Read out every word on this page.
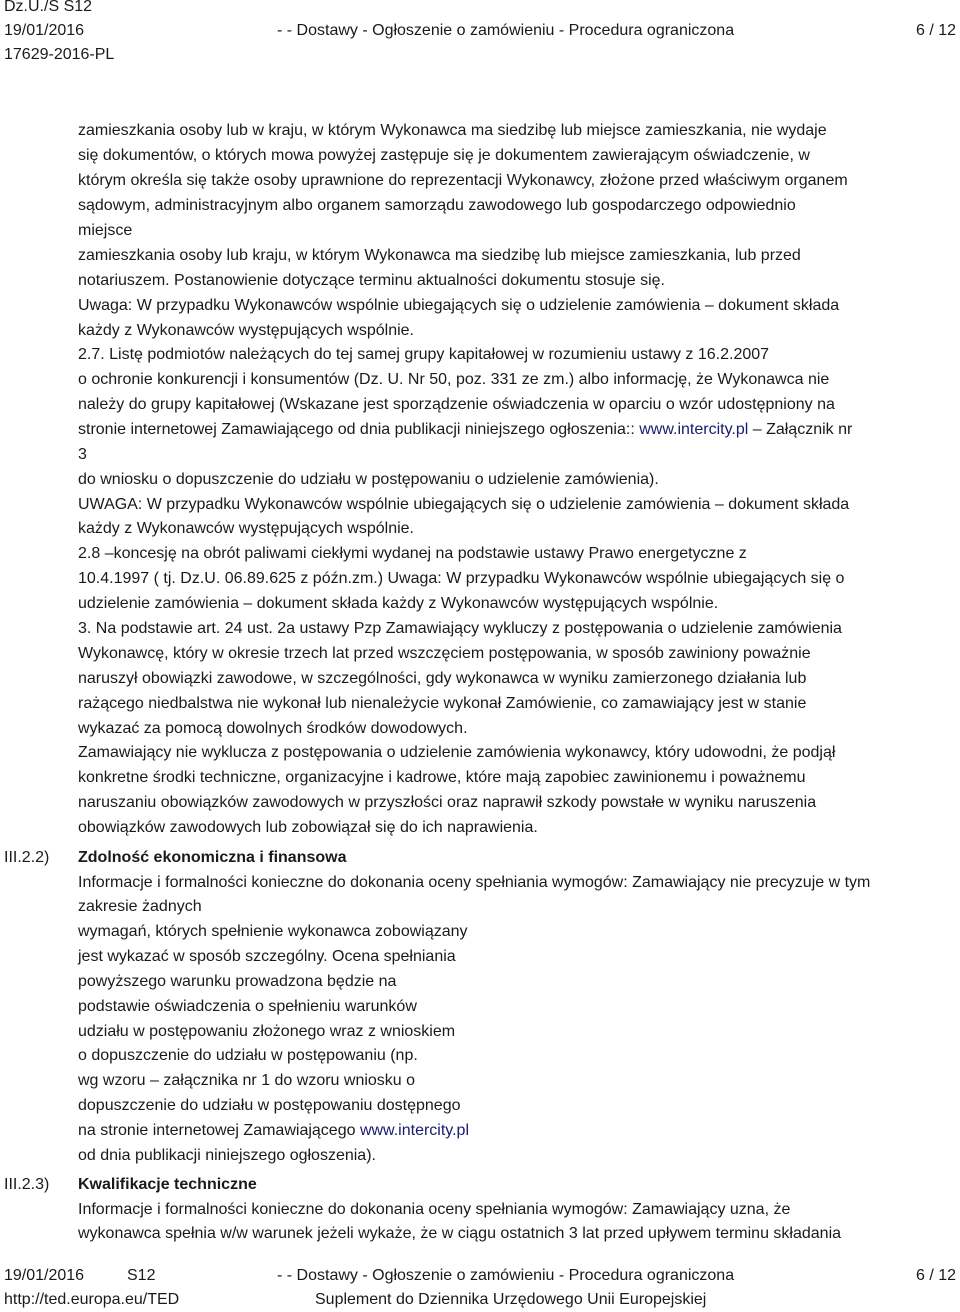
Dz.U./S S12
19/01/2016
17629-2016-PL
- - Dostawy - Ogłoszenie o zamówieniu - Procedura ograniczona	6 / 12
zamieszkania osoby lub w kraju, w którym Wykonawca ma siedzibę lub miejsce zamieszkania, nie wydaje
się dokumentów, o których mowa powyżej zastępuje się je dokumentem zawierającym oświadczenie, w
którym określa się także osoby uprawnione do reprezentacji Wykonawcy, złożone przed właściwym organem
sądowym, administracyjnym albo organem samorządu zawodowego lub gospodarczego odpowiednio
miejsce
zamieszkania osoby lub kraju, w którym Wykonawca ma siedzibę lub miejsce zamieszkania, lub przed
notariuszem. Postanowienie dotyczące terminu aktualności dokumentu stosuje się.
Uwaga: W przypadku Wykonawców wspólnie ubiegających się o udzielenie zamówienia – dokument składa
każdy z Wykonawców występujących wspólnie.
2.7. Listę podmiotów należących do tej samej grupy kapitałowej w rozumieniu ustawy z 16.2.2007
o ochronie konkurencji i konsumentów (Dz. U. Nr 50, poz. 331 ze zm.) albo informację, że Wykonawca nie
należy do grupy kapitałowej (Wskazane jest sporządzenie oświadczenia w oparciu o wzór udostępniony na
stronie internetowej Zamawiającego od dnia publikacji niniejszego ogłoszenia:: www.intercity.pl – Załącznik nr
3
do wniosku o dopuszczenie do udziału w postępowaniu o udzielenie zamówienia).
UWAGA: W przypadku Wykonawców wspólnie ubiegających się o udzielenie zamówienia – dokument składa
każdy z Wykonawców występujących wspólnie.
2.8 –koncesję na obrót paliwami ciekłymi wydanej na podstawie ustawy Prawo energetyczne z
10.4.1997 ( tj. Dz.U. 06.89.625 z późn.zm.) Uwaga: W przypadku Wykonawców wspólnie ubiegających się o
udzielenie zamówienia – dokument składa każdy z Wykonawców występujących wspólnie.
3. Na podstawie art. 24 ust. 2a ustawy Pzp Zamawiający wykluczy z postępowania o udzielenie zamówienia
Wykonawcę, który w okresie trzech lat przed wszczęciem postępowania, w sposób zawiniony poważnie
naruszył obowiązki zawodowe, w szczególności, gdy wykonawca w wyniku zamierzonego działania lub
rażącego niedbalstwa nie wykonał lub nienależycie wykonał Zamówienie, co zamawiający jest w stanie
wykazać za pomocą dowolnych środków dowodowych.
Zamawiający nie wyklucza z postępowania o udzielenie zamówienia wykonawcy, który udowodni, że podjął
konkretne środki techniczne, organizacyjne i kadrowe, które mają zapobiec zawinionemu i poważnemu
naruszaniu obowiązków zawodowych w przyszłości oraz naprawił szkody powstałe w wyniku naruszenia
obowiązków zawodowych lub zobowiązał się do ich naprawienia.
III.2.2) Zdolność ekonomiczna i finansowa
Informacje i formalności konieczne do dokonania oceny spełniania wymogów: Zamawiający nie precyzuje w tym
zakresie żadnych
wymagań, których spełnienie wykonawca zobowiązany
jest wykazać w sposób szczególny. Ocena spełniania
powyższego warunku prowadzona będzie na
podstawie oświadczenia o spełnieniu warunków
udziału w postępowaniu złożonego wraz z wnioskiem
o dopuszczenie do udziału w postępowaniu (np.
wg wzoru – załącznika nr 1 do wzoru wniosku o
dopuszczenie do udziału w postępowaniu dostępnego
na stronie internetowej Zamawiającego www.intercity.pl
od dnia publikacji niniejszego ogłoszenia).
III.2.3) Kwalifikacje techniczne
Informacje i formalności konieczne do dokonania oceny spełniania wymogów: Zamawiający uzna, że
wykonawca spełnia w/w warunek jeżeli wykaże, że w ciągu ostatnich 3 lat przed upływem terminu składania
19/01/2016	S12	- - Dostawy - Ogłoszenie o zamówieniu - Procedura ograniczona	6 / 12
http://ted.europa.eu/TED	Suplement do Dziennika Urzędowego Unii Europejskiej
